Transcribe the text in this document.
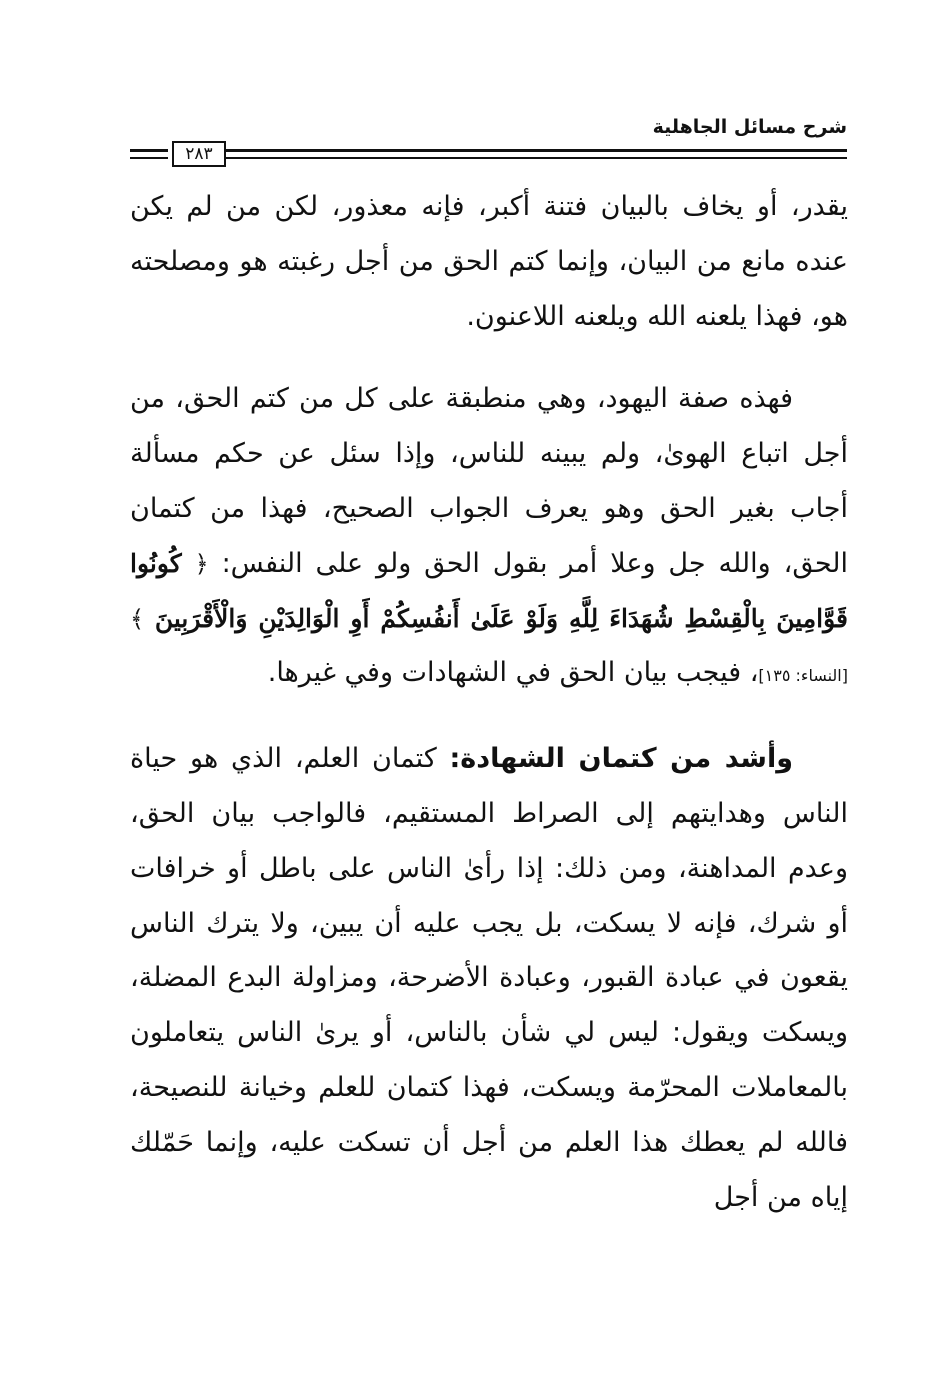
شرح مسائل الجاهلية
٢٨٣

يقدر، أو يخاف بالبيان فتنة أكبر، فإنه معذور، لكن من لم يكن عنده مانع من البيان، وإنما كتم الحق من أجل رغبته هو ومصلحته هو، فهذا يلعنه الله ويلعنه اللاعنون.

فهذه صفة اليهود، وهي منطبقة على كل من كتم الحق، من أجل اتباع الهوىٰ، ولم يبينه للناس، وإذا سئل عن حكم مسألة أجاب بغير الحق وهو يعرف الجواب الصحيح، فهذا من كتمان الحق، والله جل وعلا أمر بقول الحق ولو على النفس: ﴿ كُونُوا قَوَّامِينَ بِالْقِسْطِ شُهَدَاءَ لِلَّهِ وَلَوْ عَلَىٰ أَنفُسِكُمْ أَوِ الْوَالِدَيْنِ وَالْأَقْرَبِينَ ﴾ [النساء: ١٣٥]، فيجب بيان الحق في الشهادات وفي غيرها.

وأشد من كتمان الشهادة: كتمان العلم، الذي هو حياة الناس وهدايتهم إلى الصراط المستقيم، فالواجب بيان الحق، وعدم المداهنة، ومن ذلك: إذا رأىٰ الناس على باطل أو خرافات أو شرك، فإنه لا يسكت، بل يجب عليه أن يبين، ولا يترك الناس يقعون في عبادة القبور، وعبادة الأضرحة، ومزاولة البدع المضلة، ويسكت ويقول: ليس لي شأن بالناس، أو يرىٰ الناس يتعاملون بالمعاملات المحرّمة ويسكت، فهذا كتمان للعلم وخيانة للنصيحة، فالله لم يعطك هذا العلم من أجل أن تسكت عليه، وإنما حَمّلك إياه من أجل
